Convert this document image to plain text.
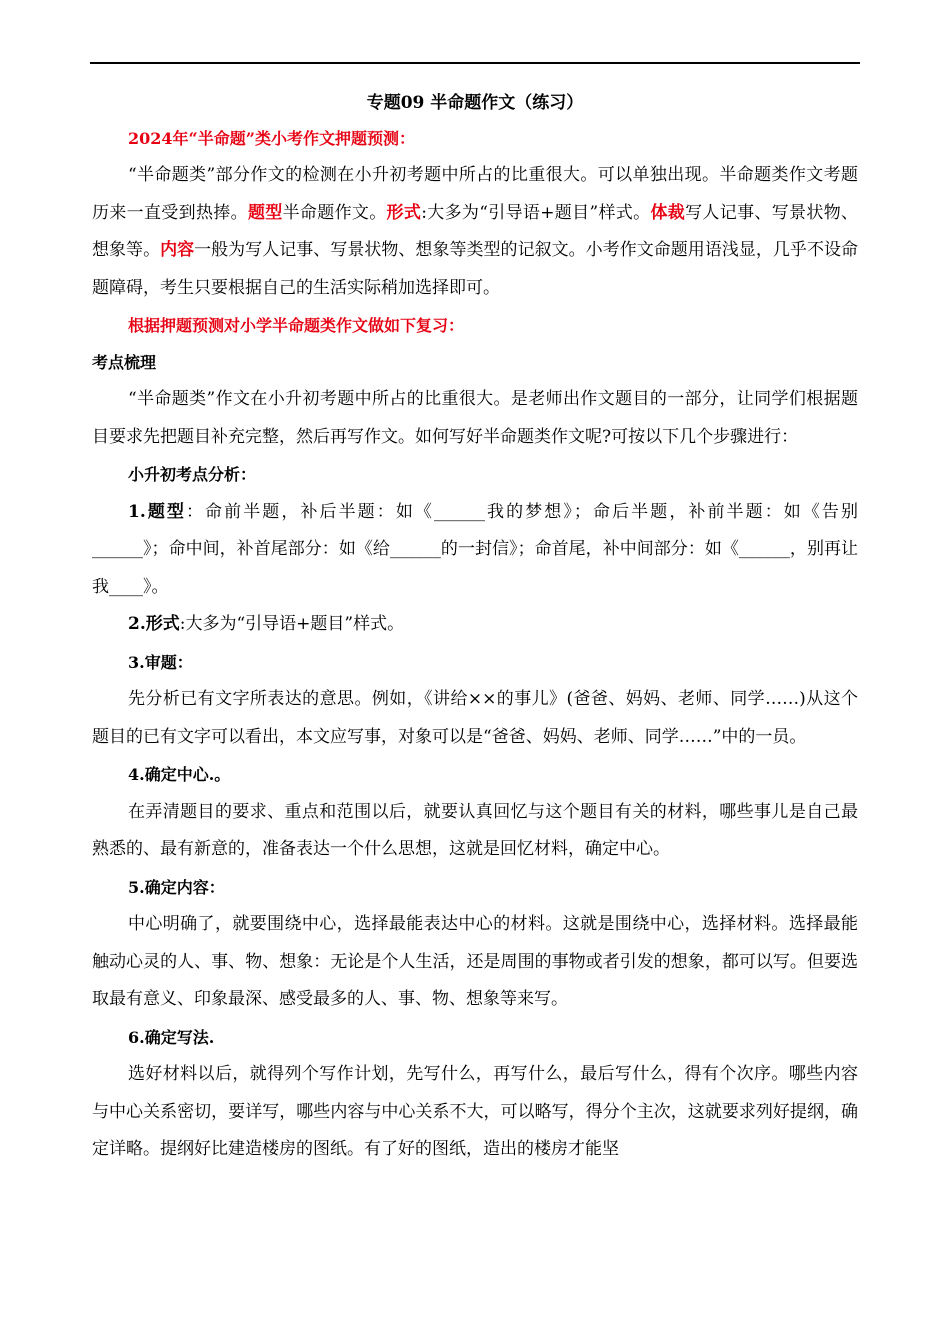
专题09 半命题作文（练习）

2024年“半命题”类小考作文押题预测：

“半命题类”部分作文的检测在小升初考题中所占的比重很大。可以单独出现。半命题类作文考题历来一直受到热捧。题型半命题作文。形式:大多为“引导语+题目”样式。体裁写人记事、写景状物、想象等。内容一般为写人记事、写景状物、想象等类型的记叙文。小考作文命题用语浅显，几乎不设命题障碍，考生只要根据自己的生活实际稍加选择即可。

根据押题预测对小学半命题类作文做如下复习：

考点梳理

“半命题类”作文在小升初考题中所占的比重很大。是老师出作文题目的一部分，让同学们根据题目要求先把题目补充完整，然后再写作文。如何写好半命题类作文呢?可按以下几个步骤进行：

小升初考点分析：

1.题型：命前半题，补后半题：如《______我的梦想》；命后半题，补前半题：如《告别______》；命中间，补首尾部分：如《给______的一封信》；命首尾，补中间部分：如《______，别再让我____》。

2.形式:大多为“引导语+题目”样式。

3.审题：

先分析已有文字所表达的意思。例如，《讲给××的事儿》(爸爸、妈妈、老师、同学……)从这个题目的已有文字可以看出，本文应写事，对象可以是“爸爸、妈妈、老师、同学……”中的一员。

4.确定中心.。

在弄清题目的要求、重点和范围以后，就要认真回忆与这个题目有关的材料，哪些事儿是自己最熟悉的、最有新意的，准备表达一个什么思想，这就是回忆材料，确定中心。

5.确定内容：

中心明确了，就要围绕中心，选择最能表达中心的材料。这就是围绕中心，选择材料。选择最能触动心灵的人、事、物、想象：无论是个人生活，还是周围的事物或者引发的想象，都可以写。但要选取最有意义、印象最深、感受最多的人、事、物、想象等来写。

6.确定写法.

选好材料以后，就得列个写作计划，先写什么，再写什么，最后写什么，得有个次序。哪些内容与中心关系密切，要详写，哪些内容与中心关系不大，可以略写，得分个主次，这就要求列好提纲，确定详略。提纲好比建造楼房的图纸。有了好的图纸，造出的楼房才能坚
